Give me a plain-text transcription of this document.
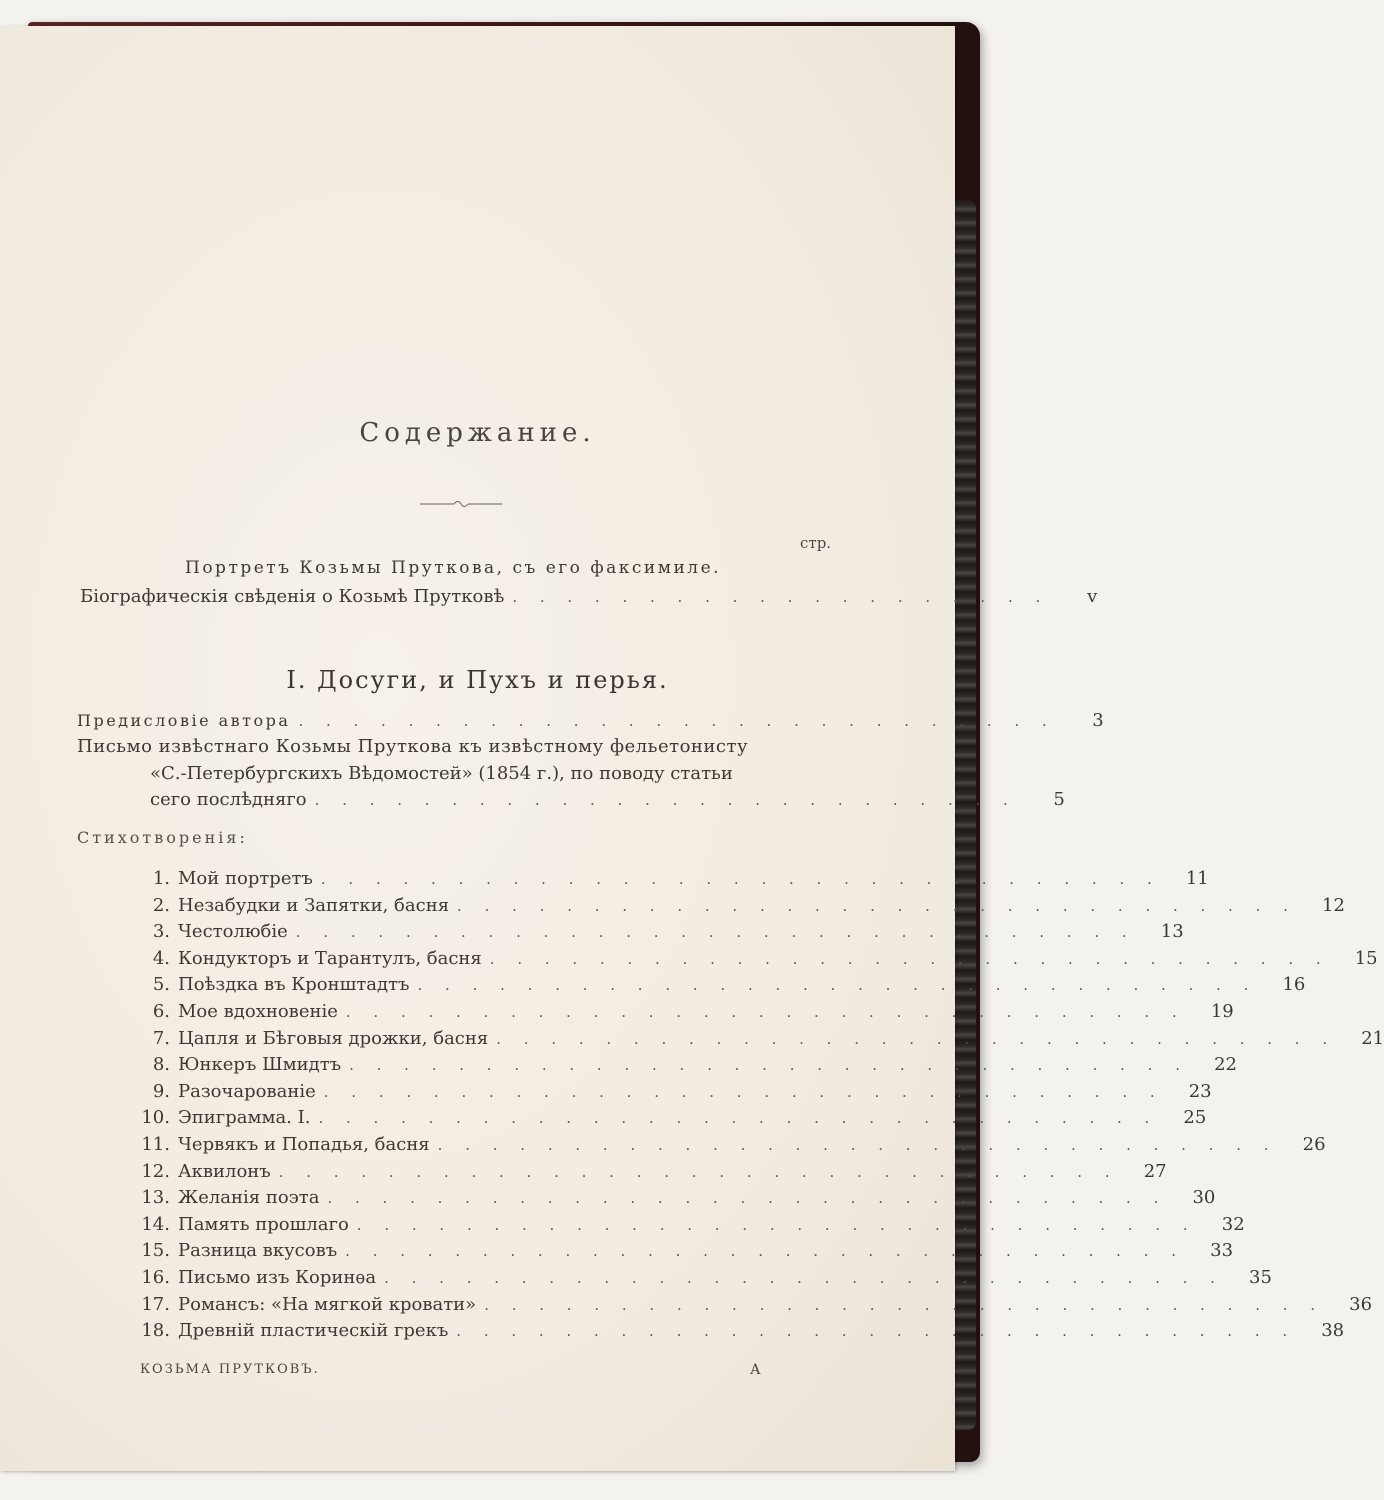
Содержание.
стр.
Портретъ Козьмы Пруткова, съ его факсимиле.
Біографическія свѣденія о Козьмѣ Прутковѣ . . . . . . . . . . . . . . . . . . . .	v
I. Досуги, и Пухъ и перья.
Предисловіе автора . . . . . . . . . . . . . . . . . . . . . . . . . . . .	3
Письмо извѣстнаго Козьмы Пруткова къ извѣстному фельетонисту
«С.-Петербургскихъ Вѣдомостей» (1854 г.), по поводу статьи
сего послѣдняго . . . . . . . . . . . . . . . . . . . . . . . . . .	5
Стихотворенія:
1. Мой портретъ . . . . . . . . . . . . . . . . . . . . . . . . . . . . . . .	11
2. Незабудки и Запятки, басня . . . . . . . . . . . . . . . . . . . . . . . . . . . . . . .	12
3. Честолюбіе . . . . . . . . . . . . . . . . . . . . . . . . . . . . . . .	13
4. Кондукторъ и Тарантулъ, басня . . . . . . . . . . . . . . . . . . . . . . . . . . . . . . .	15
5. Поѣздка въ Кронштадтъ . . . . . . . . . . . . . . . . . . . . . . . . . . . . . . .	16
6. Мое вдохновеніе . . . . . . . . . . . . . . . . . . . . . . . . . . . . . . .	19
7. Цапля и Бѣговыя дрожки, басня . . . . . . . . . . . . . . . . . . . . . . . . . . . . . . .	21
8. Юнкеръ Шмидтъ . . . . . . . . . . . . . . . . . . . . . . . . . . . . . . .	22
9. Разочарованіе . . . . . . . . . . . . . . . . . . . . . . . . . . . . . . .	23
10. Эпиграмма. I. . . . . . . . . . . . . . . . . . . . . . . . . . . . . . . .	25
11. Червякъ и Попадья, басня . . . . . . . . . . . . . . . . . . . . . . . . . . . . . . .	26
12. Аквилонъ . . . . . . . . . . . . . . . . . . . . . . . . . . . . . . .	27
13. Желанія поэта . . . . . . . . . . . . . . . . . . . . . . . . . . . . . . .	30
14. Память прошлаго . . . . . . . . . . . . . . . . . . . . . . . . . . . . . . .	32
15. Разница вкусовъ . . . . . . . . . . . . . . . . . . . . . . . . . . . . . . .	33
16. Письмо изъ Коринѳа . . . . . . . . . . . . . . . . . . . . . . . . . . . . . . .	35
17. Романсъ: «На мягкой кровати» . . . . . . . . . . . . . . . . . . . . . . . . . . . . . . .	36
18. Древній пластическій грекъ . . . . . . . . . . . . . . . . . . . . . . . . . . . . . . .	38
КОЗЬМА ПРУТКОВЪ.	А
